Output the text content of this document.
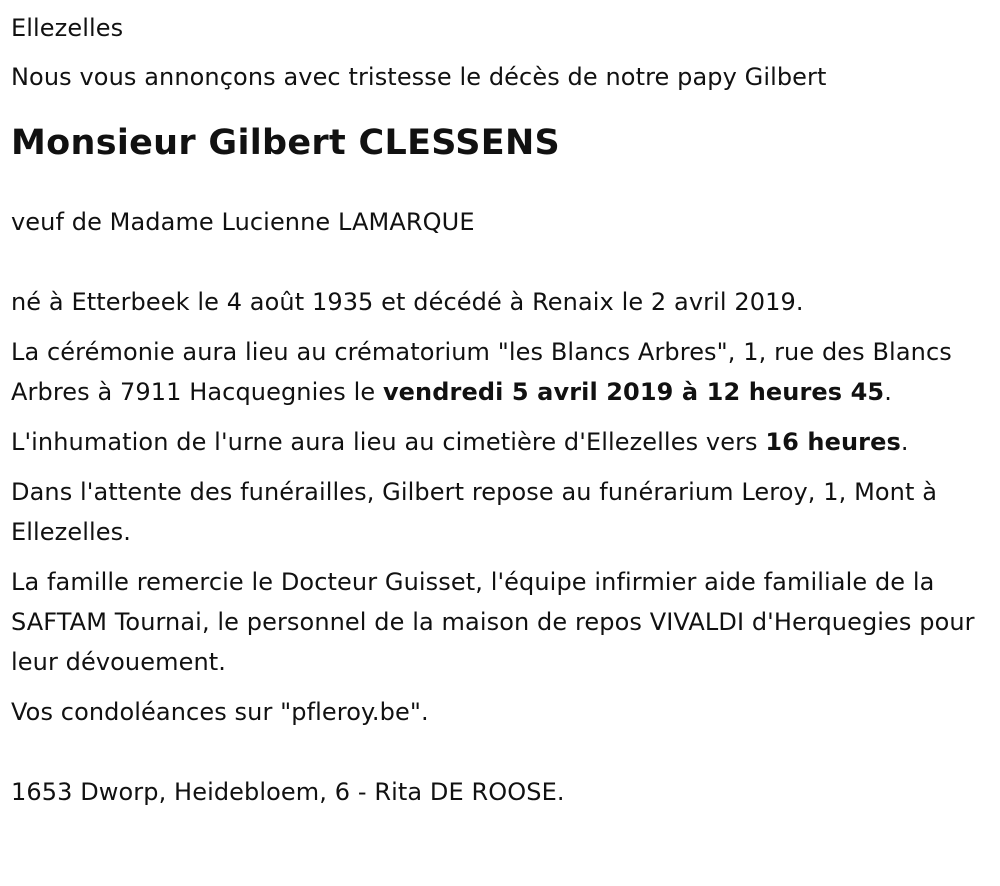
Ellezelles

Nous vous annonçons avec tristesse le décès de notre papy Gilbert

Monsieur Gilbert CLESSENS

veuf de Madame Lucienne LAMARQUE

né à Etterbeek le 4 août 1935 et décédé à Renaix le 2 avril 2019.

La cérémonie aura lieu au crématorium "les Blancs Arbres", 1, rue des Blancs Arbres à 7911 Hacquegnies le vendredi 5 avril 2019 à 12 heures 45.

L'inhumation de l'urne aura lieu au cimetière d'Ellezelles vers 16 heures.

Dans l'attente des funérailles, Gilbert repose au funérarium Leroy, 1, Mont à Ellezelles.

La famille remercie le Docteur Guisset, l'équipe infirmier aide familiale de la SAFTAM Tournai, le personnel de la maison de repos VIVALDI d'Herquegies pour leur dévouement.

Vos condoléances sur "pfleroy.be".

1653 Dworp, Heidebloem, 6 - Rita DE ROOSE.
